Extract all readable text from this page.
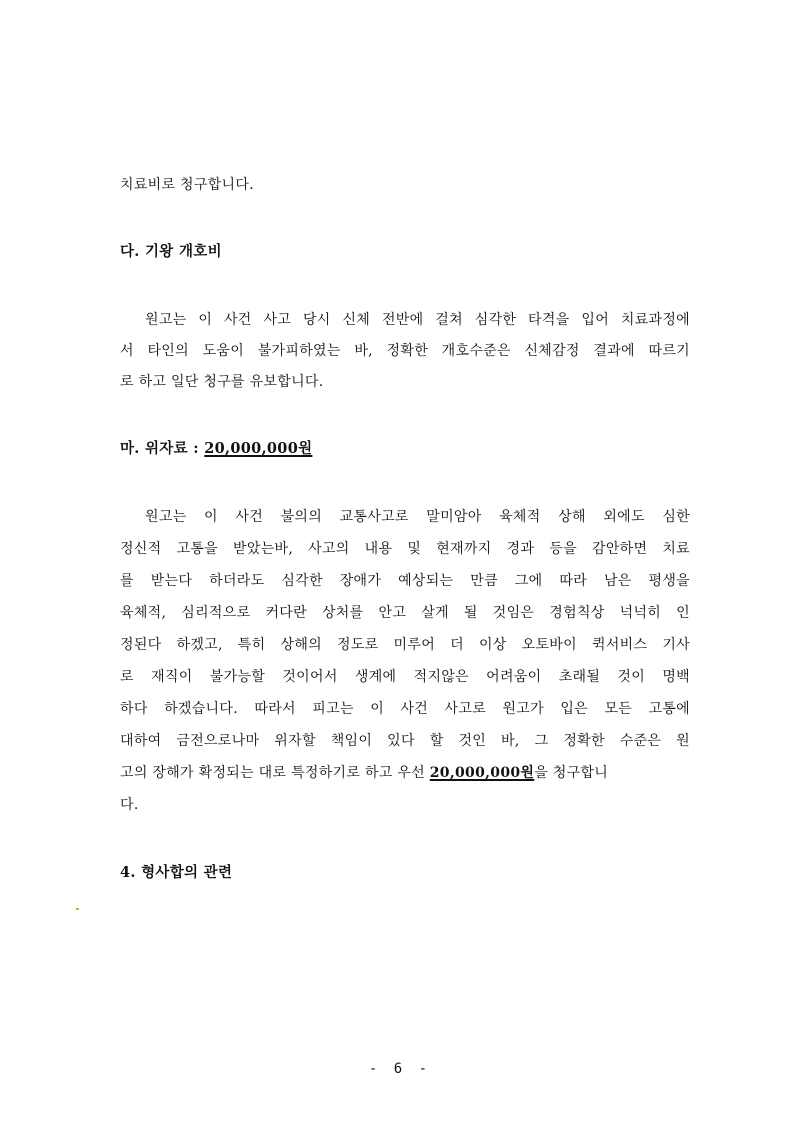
치료비로 청구합니다.
다. 기왕 개호비
원고는 이 사건 사고 당시 신체 전반에 걸쳐 심각한 타격을 입어 치료과정에
서 타인의 도움이 불가피하였는 바, 정확한 개호수준은 신체감정 결과에 따르기
로 하고 일단 청구를 유보합니다.
마. 위자료 : 20,000,000원
원고는 이 사건 불의의 교통사고로 말미암아 육체적 상해 외에도 심한
정신적 고통을 받았는바, 사고의 내용 및 현재까지 경과 등을 감안하면 치료
를 받는다 하더라도 심각한 장애가 예상되는 만큼 그에 따라 남은 평생을
육체적, 심리적으로 커다란 상처를 안고 살게 될 것임은 경험칙상 넉넉히 인
정된다 하겠고, 특히 상해의 정도로 미루어 더 이상 오토바이 퀵서비스 기사
로 재직이 불가능할 것이어서 생계에 적지않은 어려움이 초래될 것이 명백
하다 하겠습니다. 따라서 피고는 이 사건 사고로 원고가 입은 모든 고통에
대하여 금전으로나마 위자할 책임이 있다 할 것인 바, 그 정확한 수준은 원
고의 장해가 확정되는 대로 특정하기로 하고 우선 20,000,000원을 청구합니
다.
4. 형사합의 관련
- 6 -
